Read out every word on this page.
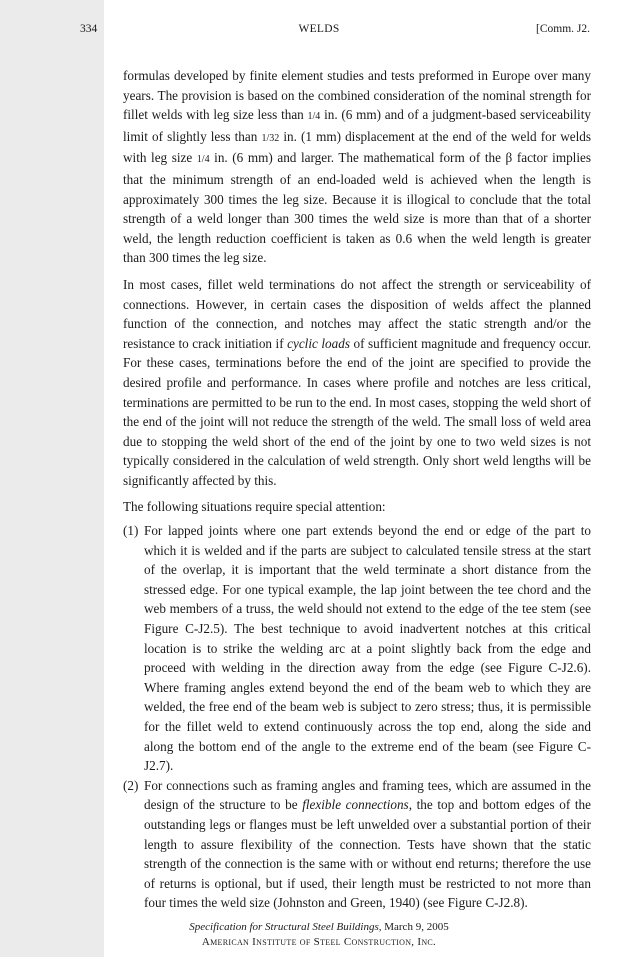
334	WELDS	[Comm. J2.

formulas developed by finite element studies and tests preformed in Europe over many years. The provision is based on the combined consideration of the nominal strength for fillet welds with leg size less than 1/4 in. (6 mm) and of a judgment-based serviceability limit of slightly less than 1/32 in. (1 mm) displacement at the end of the weld for welds with leg size 1/4 in. (6 mm) and larger. The mathematical form of the β factor implies that the minimum strength of an end-loaded weld is achieved when the length is approximately 300 times the leg size. Because it is illogical to conclude that the total strength of a weld longer than 300 times the weld size is more than that of a shorter weld, the length reduction coefficient is taken as 0.6 when the weld length is greater than 300 times the leg size.

In most cases, fillet weld terminations do not affect the strength or serviceability of connections. However, in certain cases the disposition of welds affect the planned function of the connection, and notches may affect the static strength and/or the resistance to crack initiation if cyclic loads of sufficient magnitude and frequency occur. For these cases, terminations before the end of the joint are specified to provide the desired profile and performance. In cases where profile and notches are less critical, terminations are permitted to be run to the end. In most cases, stopping the weld short of the end of the joint will not reduce the strength of the weld. The small loss of weld area due to stopping the weld short of the end of the joint by one to two weld sizes is not typically considered in the calculation of weld strength. Only short weld lengths will be significantly affected by this.

The following situations require special attention:

(1) For lapped joints where one part extends beyond the end or edge of the part to which it is welded and if the parts are subject to calculated tensile stress at the start of the overlap, it is important that the weld terminate a short distance from the stressed edge. For one typical example, the lap joint between the tee chord and the web members of a truss, the weld should not extend to the edge of the tee stem (see Figure C-J2.5). The best technique to avoid inadvertent notches at this critical location is to strike the welding arc at a point slightly back from the edge and proceed with welding in the direction away from the edge (see Figure C-J2.6). Where framing angles extend beyond the end of the beam web to which they are welded, the free end of the beam web is subject to zero stress; thus, it is permissible for the fillet weld to extend continuously across the top end, along the side and along the bottom end of the angle to the extreme end of the beam (see Figure C-J2.7).
(2) For connections such as framing angles and framing tees, which are assumed in the design of the structure to be flexible connections, the top and bottom edges of the outstanding legs or flanges must be left unwelded over a substantial portion of their length to assure flexibility of the connection. Tests have shown that the static strength of the connection is the same with or without end returns; therefore the use of returns is optional, but if used, their length must be restricted to not more than four times the weld size (Johnston and Green, 1940) (see Figure C-J2.8).
Specification for Structural Steel Buildings, March 9, 2005
American Institute of Steel Construction, Inc.
